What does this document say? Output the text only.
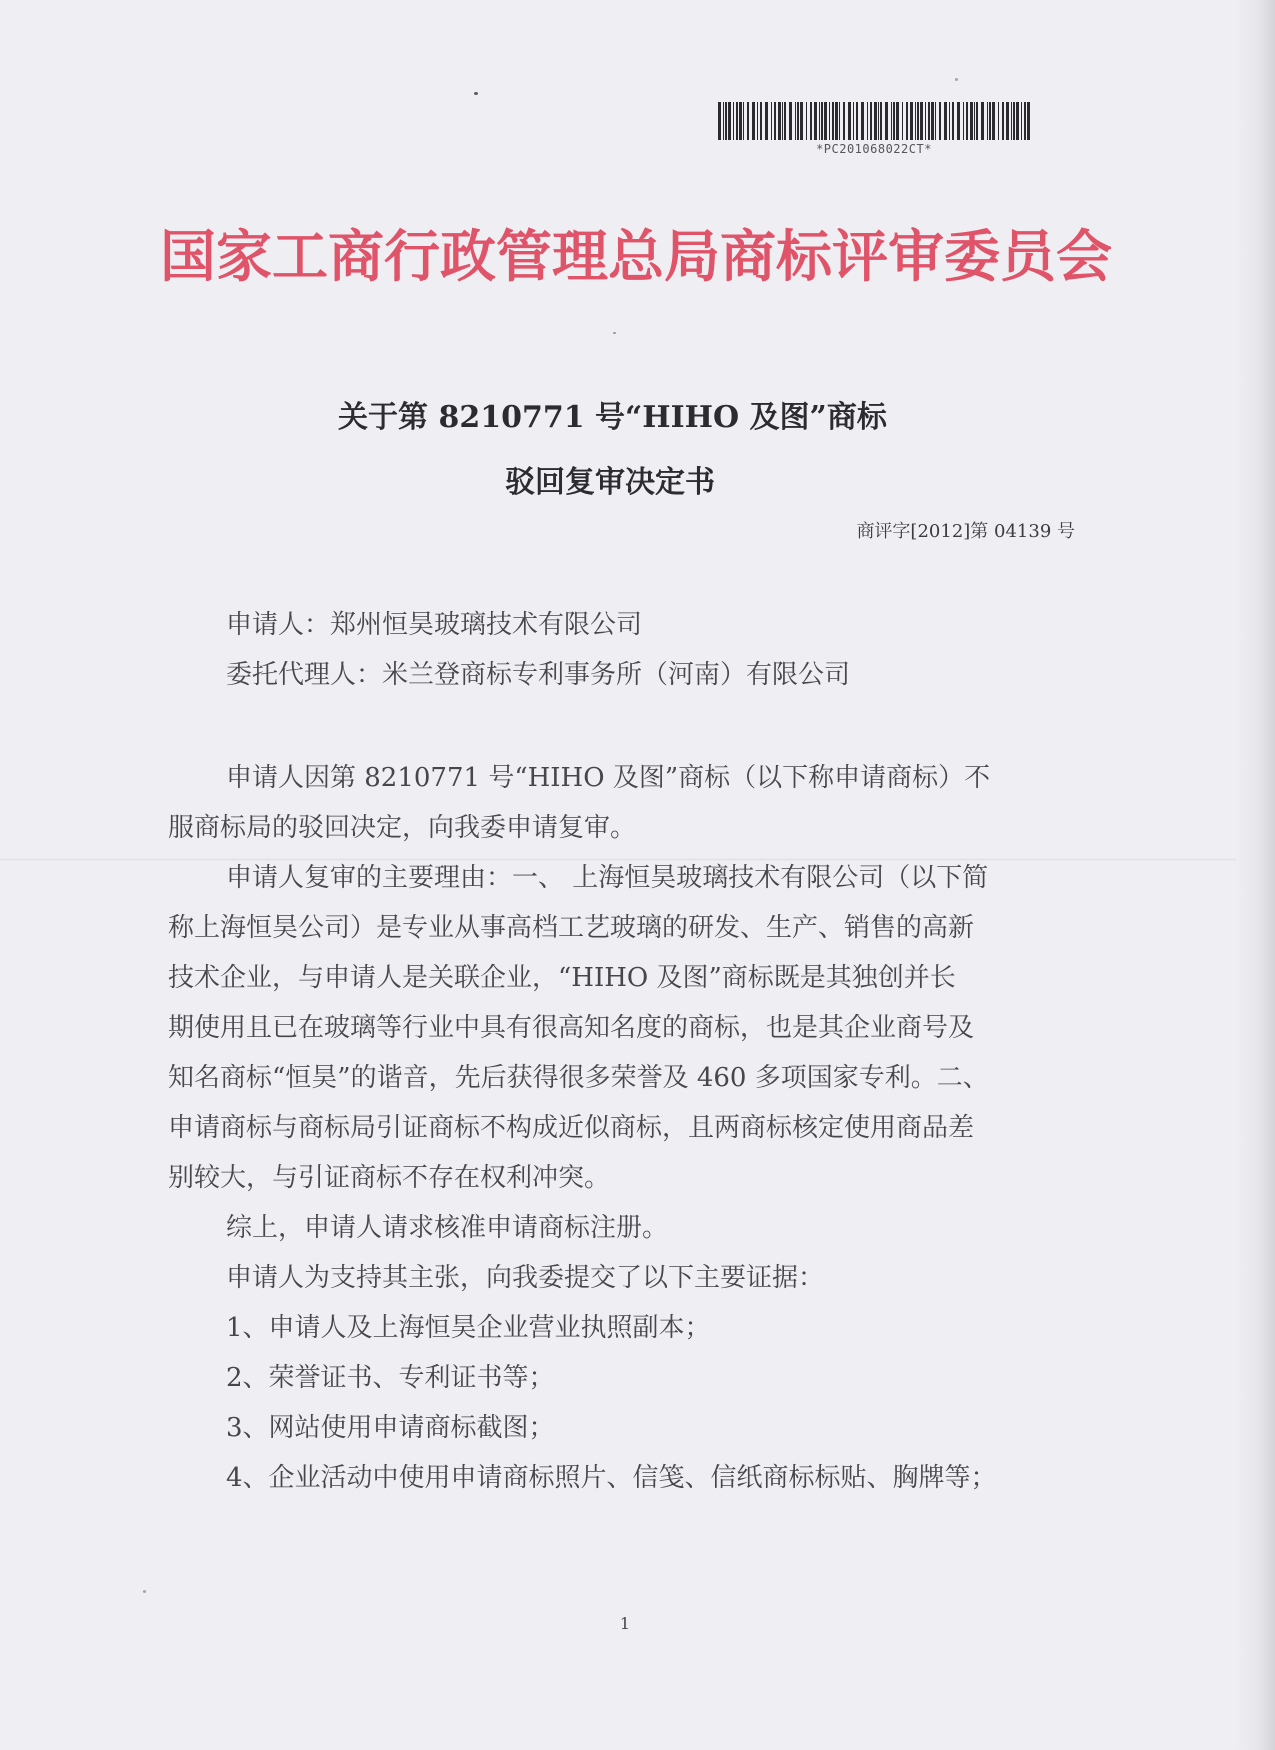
*PC201068022CT*
国家工商行政管理总局商标评审委员会
关于第 8210771 号“HIHO 及图”商标
驳回复审决定书
商评字[2012]第 04139 号

申请人：郑州恒昊玻璃技术有限公司

委托代理人：米兰登商标专利事务所（河南）有限公司

申请人因第 8210771 号“HIHO 及图”商标（以下称申请商标）不

服商标局的驳回决定，向我委申请复审。

申请人复审的主要理由：一、 上海恒昊玻璃技术有限公司（以下简

称上海恒昊公司）是专业从事高档工艺玻璃的研发、生产、销售的高新

技术企业，与申请人是关联企业，“HIHO 及图”商标既是其独创并长

期使用且已在玻璃等行业中具有很高知名度的商标，也是其企业商号及

知名商标“恒昊”的谐音，先后获得很多荣誉及 460 多项国家专利。二、

申请商标与商标局引证商标不构成近似商标，且两商标核定使用商品差

别较大，与引证商标不存在权利冲突。

综上，申请人请求核准申请商标注册。

申请人为支持其主张，向我委提交了以下主要证据：

1、申请人及上海恒昊企业营业执照副本；

2、荣誉证书、专利证书等；

3、网站使用申请商标截图；

4、企业活动中使用申请商标照片、信笺、信纸商标标贴、胸牌等；

1
